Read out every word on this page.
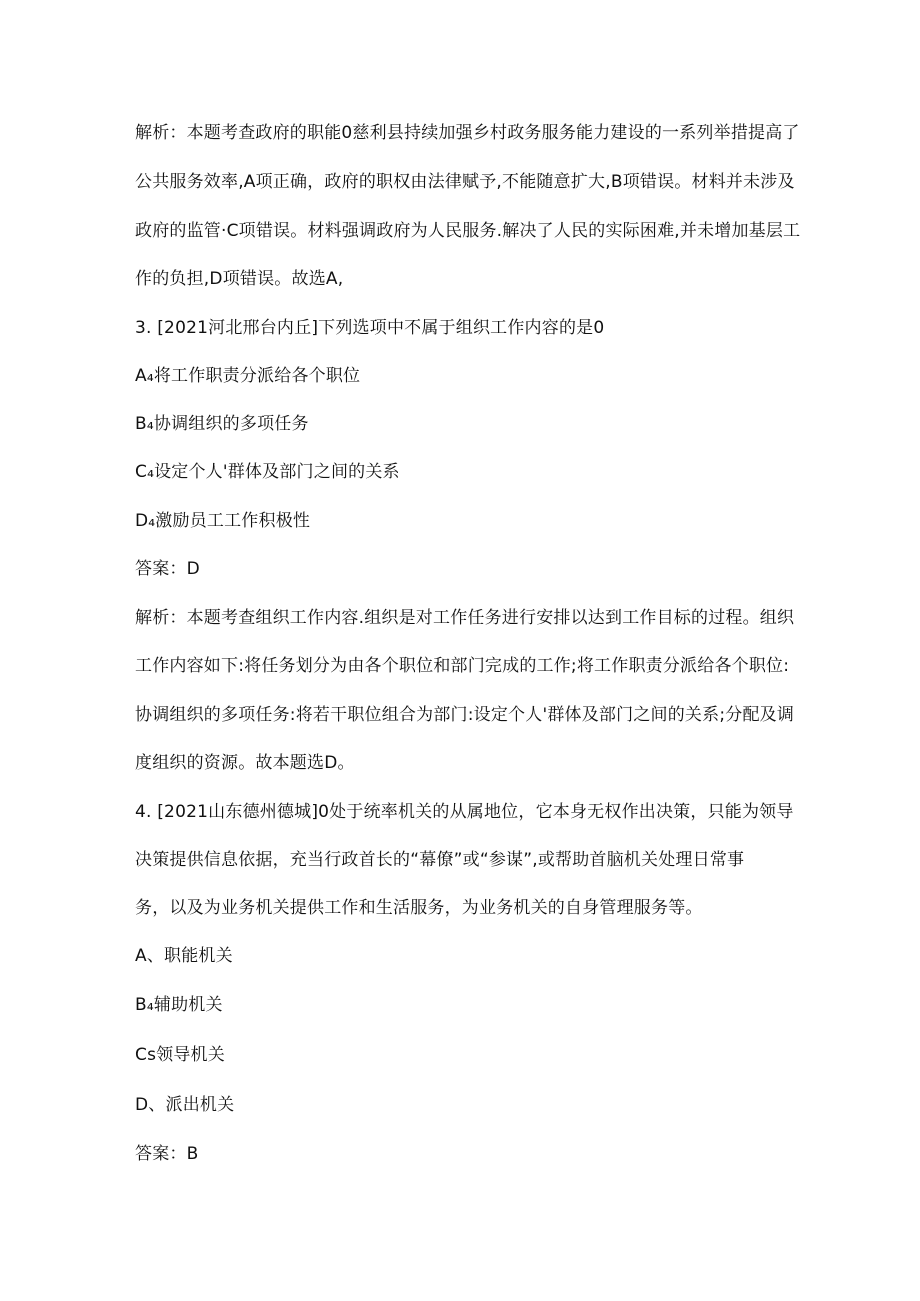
解析：本题考查政府的职能0慈利县持续加强乡村政务服务能力建设的一系列举措提高了
公共服务效率,A项正确，政府的职权由法律赋予,不能随意扩大,B项错误。材料并未涉及
政府的监管·C项错误。材料强调政府为人民服务.解决了人民的实际困难,并未增加基层工
作的负担,D项错误。故选A,
3. [2021河北邢台内丘]下列选项中不属于组织工作内容的是0
A₄将工作职责分派给各个职位
B₄协调组织的多项任务
C₄设定个人'群体及部门之间的关系
D₄激励员工工作积极性
答案：D
解析：本题考查组织工作内容.组织是对工作任务进行安排以达到工作目标的过程。组织
工作内容如下:将任务划分为由各个职位和部门完成的工作;将工作职责分派给各个职位:
协调组织的多项任务:将若干职位组合为部门:设定个人'群体及部门之间的关系;分配及调
度组织的资源。故本题选D。
4. [2021山东德州德城]0处于统率机关的从属地位，它本身无权作出决策，只能为领导
决策提供信息依据，充当行政首长的“幕僚”或“参谋”,或帮助首脑机关处理日常事
务，以及为业务机关提供工作和生活服务，为业务机关的自身管理服务等。
A、职能机关
B₄辅助机关
Cs领导机关
D、派出机关
答案：B
